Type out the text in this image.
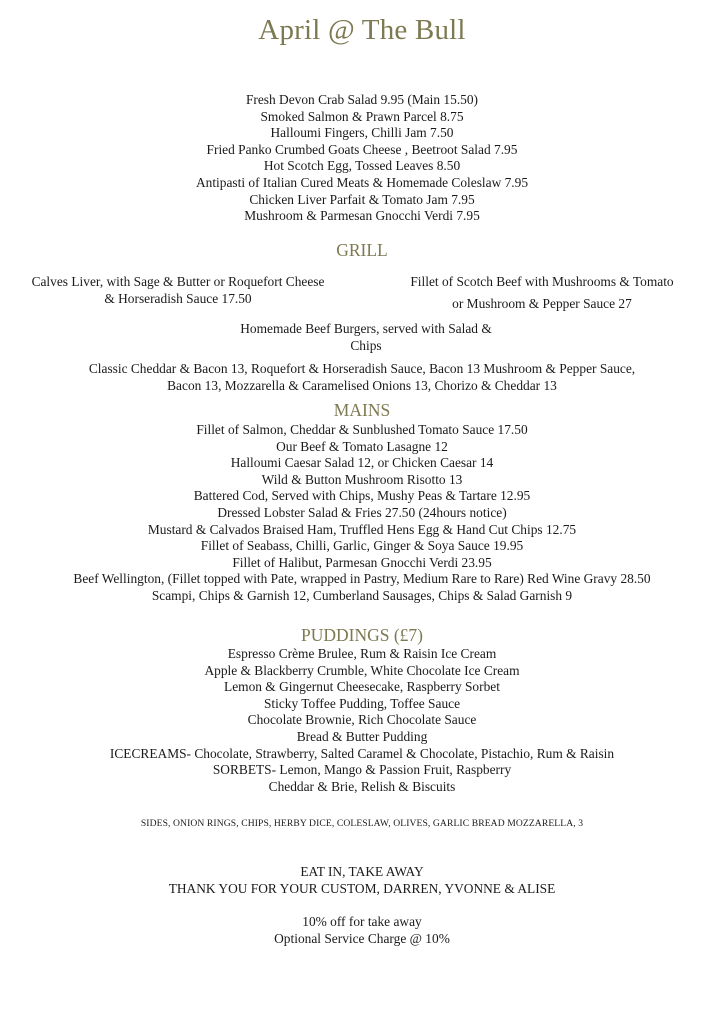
April @ The Bull
Fresh Devon Crab Salad 9.95 (Main 15.50)
Smoked Salmon & Prawn Parcel 8.75
Halloumi Fingers, Chilli Jam 7.50
Fried Panko Crumbed Goats Cheese , Beetroot Salad 7.95
Hot Scotch Egg, Tossed Leaves 8.50
Antipasti of Italian Cured Meats & Homemade Coleslaw 7.95
Chicken Liver Parfait & Tomato Jam 7.95
Mushroom & Parmesan Gnocchi Verdi 7.95
GRILL
Calves Liver, with Sage & Butter or Roquefort Cheese
& Horseradish Sauce 17.50
Fillet of Scotch Beef with Mushrooms & Tomato
or Mushroom & Pepper Sauce 27
Homemade Beef Burgers, served with Salad &
Chips
Classic Cheddar & Bacon 13, Roquefort & Horseradish Sauce, Bacon 13 Mushroom & Pepper Sauce,
Bacon 13, Mozzarella & Caramelised Onions 13, Chorizo & Cheddar 13
MAINS
Fillet of Salmon, Cheddar & Sunblushed Tomato Sauce 17.50
Our Beef & Tomato Lasagne 12
Halloumi Caesar Salad 12, or Chicken Caesar 14
Wild & Button Mushroom Risotto 13
Battered Cod, Served with Chips, Mushy Peas & Tartare 12.95
Dressed Lobster Salad & Fries 27.50 (24hours notice)
Mustard & Calvados Braised Ham, Truffled Hens Egg & Hand Cut Chips 12.75
Fillet of Seabass, Chilli, Garlic, Ginger & Soya Sauce 19.95
Fillet of Halibut, Parmesan Gnocchi Verdi 23.95
Beef Wellington, (Fillet topped with Pate, wrapped in Pastry, Medium Rare to Rare) Red Wine Gravy 28.50
Scampi, Chips & Garnish 12, Cumberland Sausages, Chips & Salad Garnish 9
PUDDINGS (£7)
Espresso Crème Brulee, Rum & Raisin Ice Cream
Apple & Blackberry Crumble, White Chocolate Ice Cream
Lemon & Gingernut Cheesecake, Raspberry Sorbet
Sticky Toffee Pudding, Toffee Sauce
Chocolate Brownie, Rich Chocolate Sauce
Bread & Butter Pudding
ICECREAMS- Chocolate, Strawberry, Salted Caramel & Chocolate, Pistachio, Rum & Raisin
SORBETS- Lemon, Mango & Passion Fruit, Raspberry
Cheddar & Brie, Relish & Biscuits
SIDES, ONION RINGS, CHIPS, HERBY DICE, COLESLAW, OLIVES, GARLIC BREAD MOZZARELLA, 3
EAT IN, TAKE AWAY
THANK YOU FOR YOUR CUSTOM, DARREN, YVONNE & ALISE
10% off for take away
Optional Service Charge @ 10%
